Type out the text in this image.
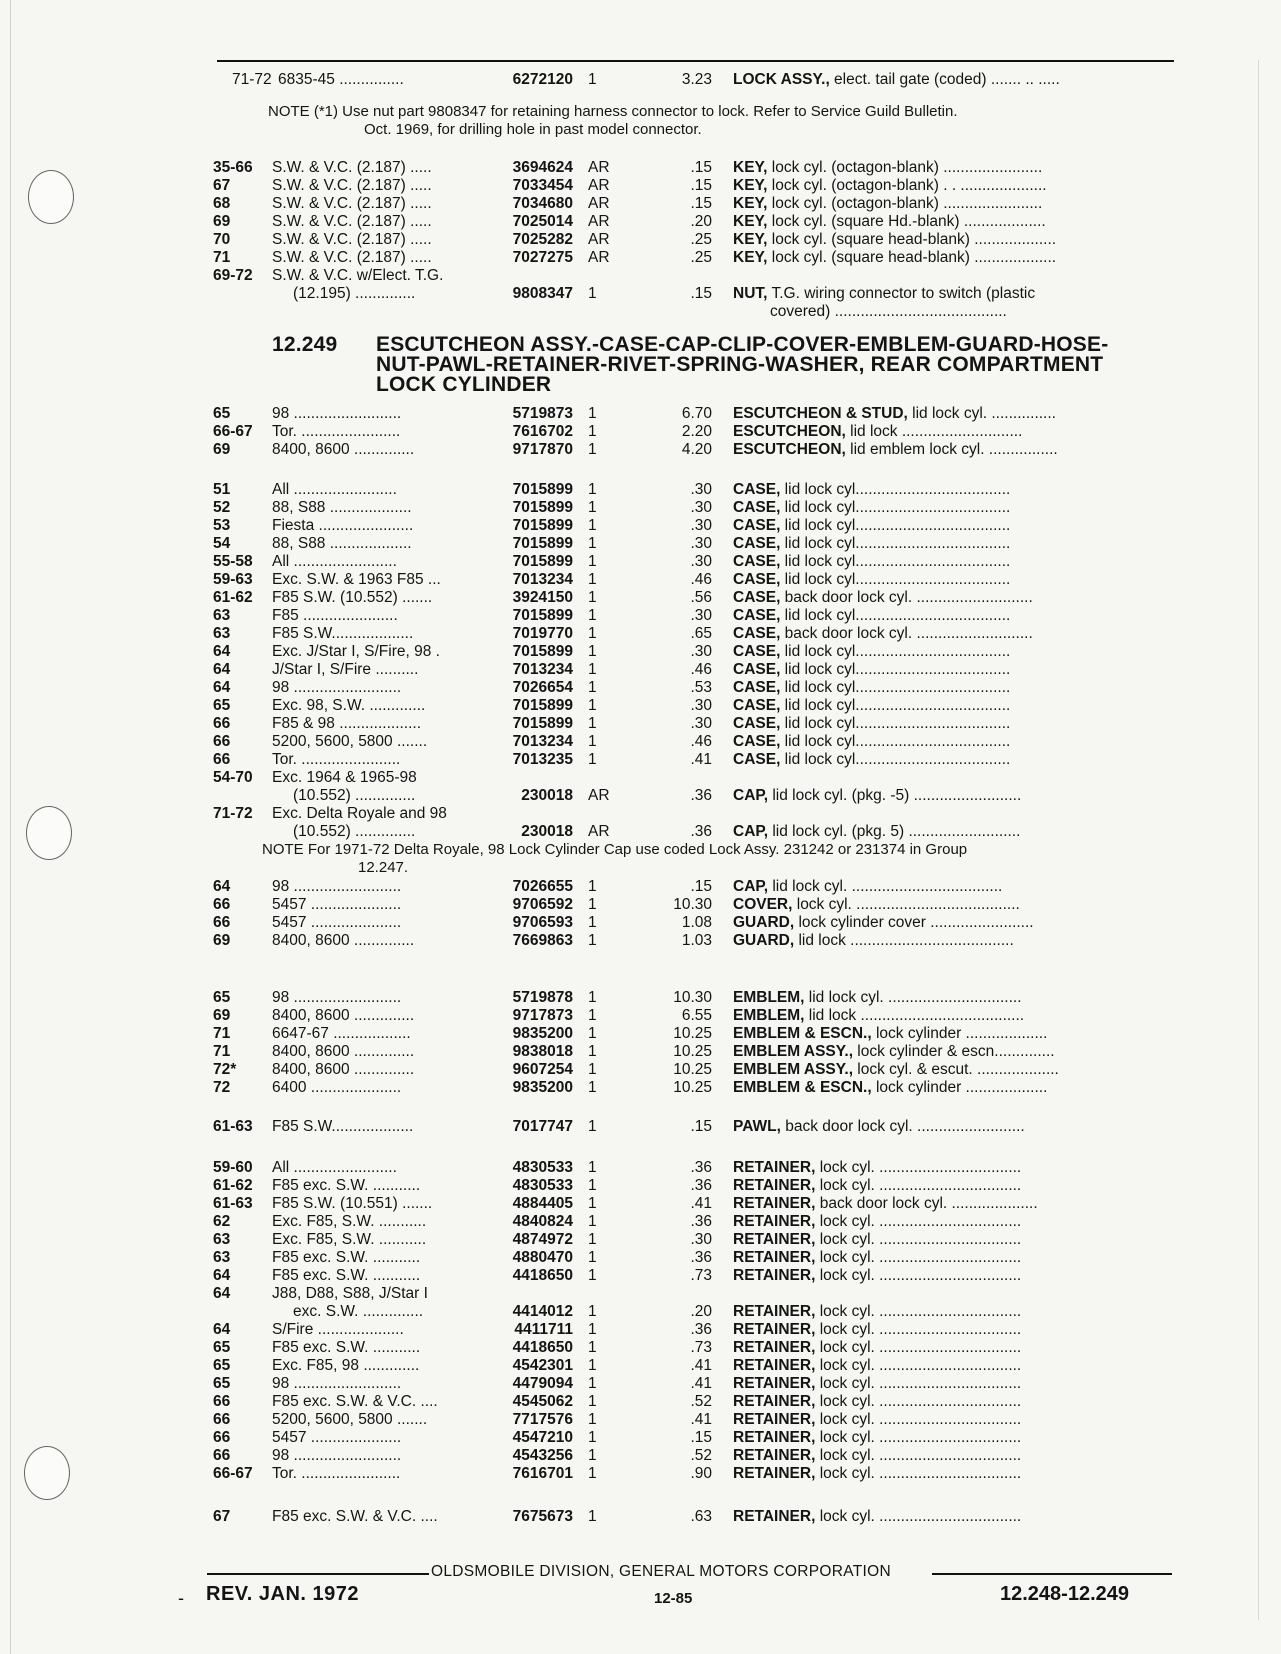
71-72 6835-45 ...............	6272120 1	3.23 LOCK ASSY., elect. tail gate (coded) ....... .. .....
NOTE (*1) Use nut part 9808347 for retaining harness connector to lock. Refer to Service Guild Bulletin.
Oct. 1969, for drilling hole in past model connector.
35-66	S.W. & V.C. (2.187) .....	3694624 AR	.15 KEY, lock cyl. (octagon-blank) .......................
67	S.W. & V.C. (2.187) .....	7033454 AR	.15 KEY, lock cyl. (octagon-blank) . . ....................
68	S.W. & V.C. (2.187) .....	7034680 AR	.15 KEY, lock cyl. (octagon-blank) .......................
69	S.W. & V.C. (2.187) .....	7025014 AR	.20 KEY, lock cyl. (square Hd.-blank) ...................
70	S.W. & V.C. (2.187) .....	7025282 AR	.25 KEY, lock cyl. (square head-blank) ...................
71	S.W. & V.C. (2.187) .....	7027275 AR	.25 KEY, lock cyl. (square head-blank) ...................
69-72	S.W. & V.C. w/Elect. T.G.
(12.195) ..............	9808347 1	.15 NUT, T.G. wiring connector to switch (plastic
covered) ........................................
12.249 ESCUTCHEON ASSY.-CASE-CAP-CLIP-COVER-EMBLEM-GUARD-HOSE-
NUT-PAWL-RETAINER-RIVET-SPRING-WASHER, REAR COMPARTMENT
LOCK CYLINDER
65	98 .........................	5719873 1	6.70 ESCUTCHEON & STUD, lid lock cyl. ...............
66-67	Tor. .......................	7616702 1	2.20 ESCUTCHEON, lid lock ............................
69	8400, 8600 ..............	9717870 1	4.20 ESCUTCHEON, lid emblem lock cyl. ................
51	All ........................	7015899 1	.30 CASE, lid lock cyl....................................
52	88, S88 ...................	7015899 1	.30 CASE, lid lock cyl....................................
53	Fiesta ......................	7015899 1	.30 CASE, lid lock cyl....................................
54	88, S88 ...................	7015899 1	.30 CASE, lid lock cyl....................................
55-58	All ........................	7015899 1	.30 CASE, lid lock cyl....................................
59-63	Exc. S.W. & 1963 F85 ...	7013234 1	.46 CASE, lid lock cyl....................................
61-62	F85 S.W. (10.552) .......	3924150 1	.56 CASE, back door lock cyl. ...........................
63	F85 ......................	7015899 1	.30 CASE, lid lock cyl....................................
63	F85 S.W...................	7019770 1	.65 CASE, back door lock cyl. ...........................
64	Exc. J/Star I, S/Fire, 98 .	7015899 1	.30 CASE, lid lock cyl....................................
64	J/Star I, S/Fire ..........	7013234 1	.46 CASE, lid lock cyl....................................
64	98 .........................	7026654 1	.53 CASE, lid lock cyl....................................
65	Exc. 98, S.W. .............	7015899 1	.30 CASE, lid lock cyl....................................
66	F85 & 98 ...................	7015899 1	.30 CASE, lid lock cyl....................................
66	5200, 5600, 5800 .......	7013234 1	.46 CASE, lid lock cyl....................................
66	Tor. .......................	7013235 1	.41 CASE, lid lock cyl....................................
54-70	Exc. 1964 & 1965-98
(10.552) ..............	230018 AR	.36 CAP, lid lock cyl. (pkg. -5) .........................
71-72	Exc. Delta Royale and 98
(10.552) ..............	230018 AR	.36 CAP, lid lock cyl. (pkg. 5) ..........................
NOTE For 1971-72 Delta Royale, 98 Lock Cylinder Cap use coded Lock Assy. 231242 or 231374 in Group
12.247.
64	98 .........................	7026655 1	.15 CAP, lid lock cyl. ...................................
66	5457 .....................	9706592 1	10.30 COVER, lock cyl. ......................................
66	5457 .....................	9706593 1	1.08 GUARD, lock cylinder cover ........................
69	8400, 8600 ..............	7669863 1	1.03 GUARD, lid lock ......................................
65	98 .........................	5719878 1	10.30 EMBLEM, lid lock cyl. ...............................
69	8400, 8600 ..............	9717873 1	6.55 EMBLEM, lid lock ......................................
71	6647-67 ..................	9835200 1	10.25 EMBLEM & ESCN., lock cylinder ...................
71	8400, 8600 ..............	9838018 1	10.25 EMBLEM ASSY., lock cylinder & escn..............
72*	8400, 8600 ..............	9607254 1	10.25 EMBLEM ASSY., lock cyl. & escut. ...................
72	6400 .....................	9835200 1	10.25 EMBLEM & ESCN., lock cylinder ...................
61-63	F85 S.W...................	7017747 1	.15 PAWL, back door lock cyl. .........................
59-60	All ........................	4830533 1	.36 RETAINER, lock cyl. .................................
61-62	F85 exc. S.W. ...........	4830533 1	.36 RETAINER, lock cyl. .................................
61-63	F85 S.W. (10.551) .......	4884405 1	.41 RETAINER, back door lock cyl. ....................
62	Exc. F85, S.W. ...........	4840824 1	.36 RETAINER, lock cyl. .................................
63	Exc. F85, S.W. ...........	4874972 1	.30 RETAINER, lock cyl. .................................
63	F85 exc. S.W. ...........	4880470 1	.36 RETAINER, lock cyl. .................................
64	F85 exc. S.W. ...........	4418650 1	.73 RETAINER, lock cyl. .................................
64	J88, D88, S88, J/Star I
exc. S.W. ..............	4414012 1	.20 RETAINER, lock cyl. .................................
64	S/Fire ....................	4411711 1	.36 RETAINER, lock cyl. .................................
65	F85 exc. S.W. ...........	4418650 1	.73 RETAINER, lock cyl. .................................
65	Exc. F85, 98 .............	4542301 1	.41 RETAINER, lock cyl. .................................
65	98 .........................	4479094 1	.41 RETAINER, lock cyl. .................................
66	F85 exc. S.W. & V.C. ....	4545062 1	.52 RETAINER, lock cyl. .................................
66	5200, 5600, 5800 .......	7717576 1	.41 RETAINER, lock cyl. .................................
66	5457 .....................	4547210 1	.15 RETAINER, lock cyl. .................................
66	98 .........................	4543256 1	.52 RETAINER, lock cyl. .................................
66-67	Tor. .......................	7616701 1	.90 RETAINER, lock cyl. .................................
67	F85 exc. S.W. & V.C. ....	7675673 1	.63 RETAINER, lock cyl. .................................
OLDSMOBILE DIVISION, GENERAL MOTORS CORPORATION
- REV. JAN. 1972	12-85	12.248-12.249
